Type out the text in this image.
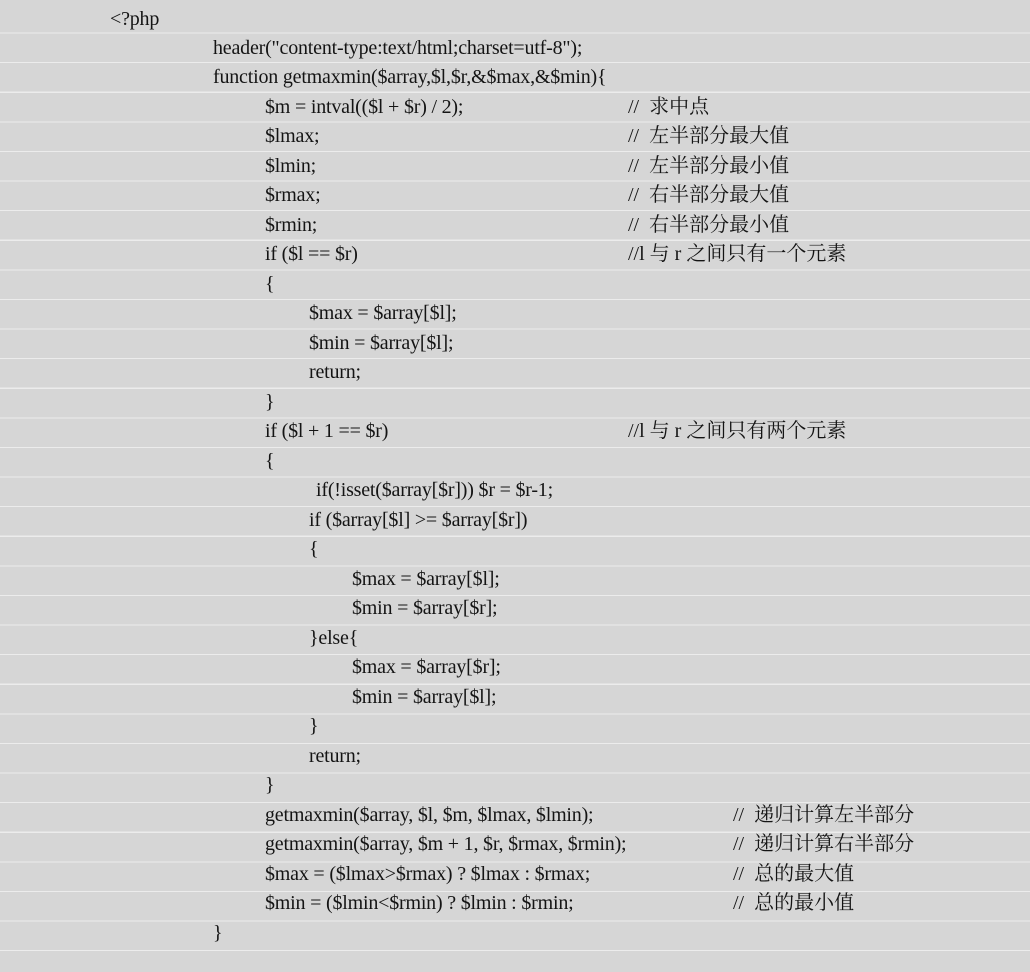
<?php
header("content-type:text/html;charset=utf-8");
function getmaxmin($array,$l,$r,&$max,&$min){
$m = intval(($l + $r) / 2);	//  求中点
$lmax;	//  左半部分最大值
$lmin;	//  左半部分最小值
$rmax;	//  右半部分最大值
$rmin;	//  右半部分最小值
if ($l == $r)	//l 与 r 之间只有一个元素
{
$max = $array[$l];
$min = $array[$l];
return;
}
if ($l + 1 == $r)	//l 与 r 之间只有两个元素
{
if(!isset($array[$r])) $r = $r-1;
if ($array[$l] >= $array[$r])
{
$max = $array[$l];
$min = $array[$r];
}else{
$max = $array[$r];
$min = $array[$l];
}
return;
}
getmaxmin($array, $l, $m, $lmax, $lmin);	//  递归计算左半部分
getmaxmin($array, $m + 1, $r, $rmax, $rmin);	//  递归计算右半部分
$max = ($lmax>$rmax) ? $lmax : $rmax;	//  总的最大值
$min = ($lmin<$rmin) ? $lmin : $rmin;	//  总的最小值
}
